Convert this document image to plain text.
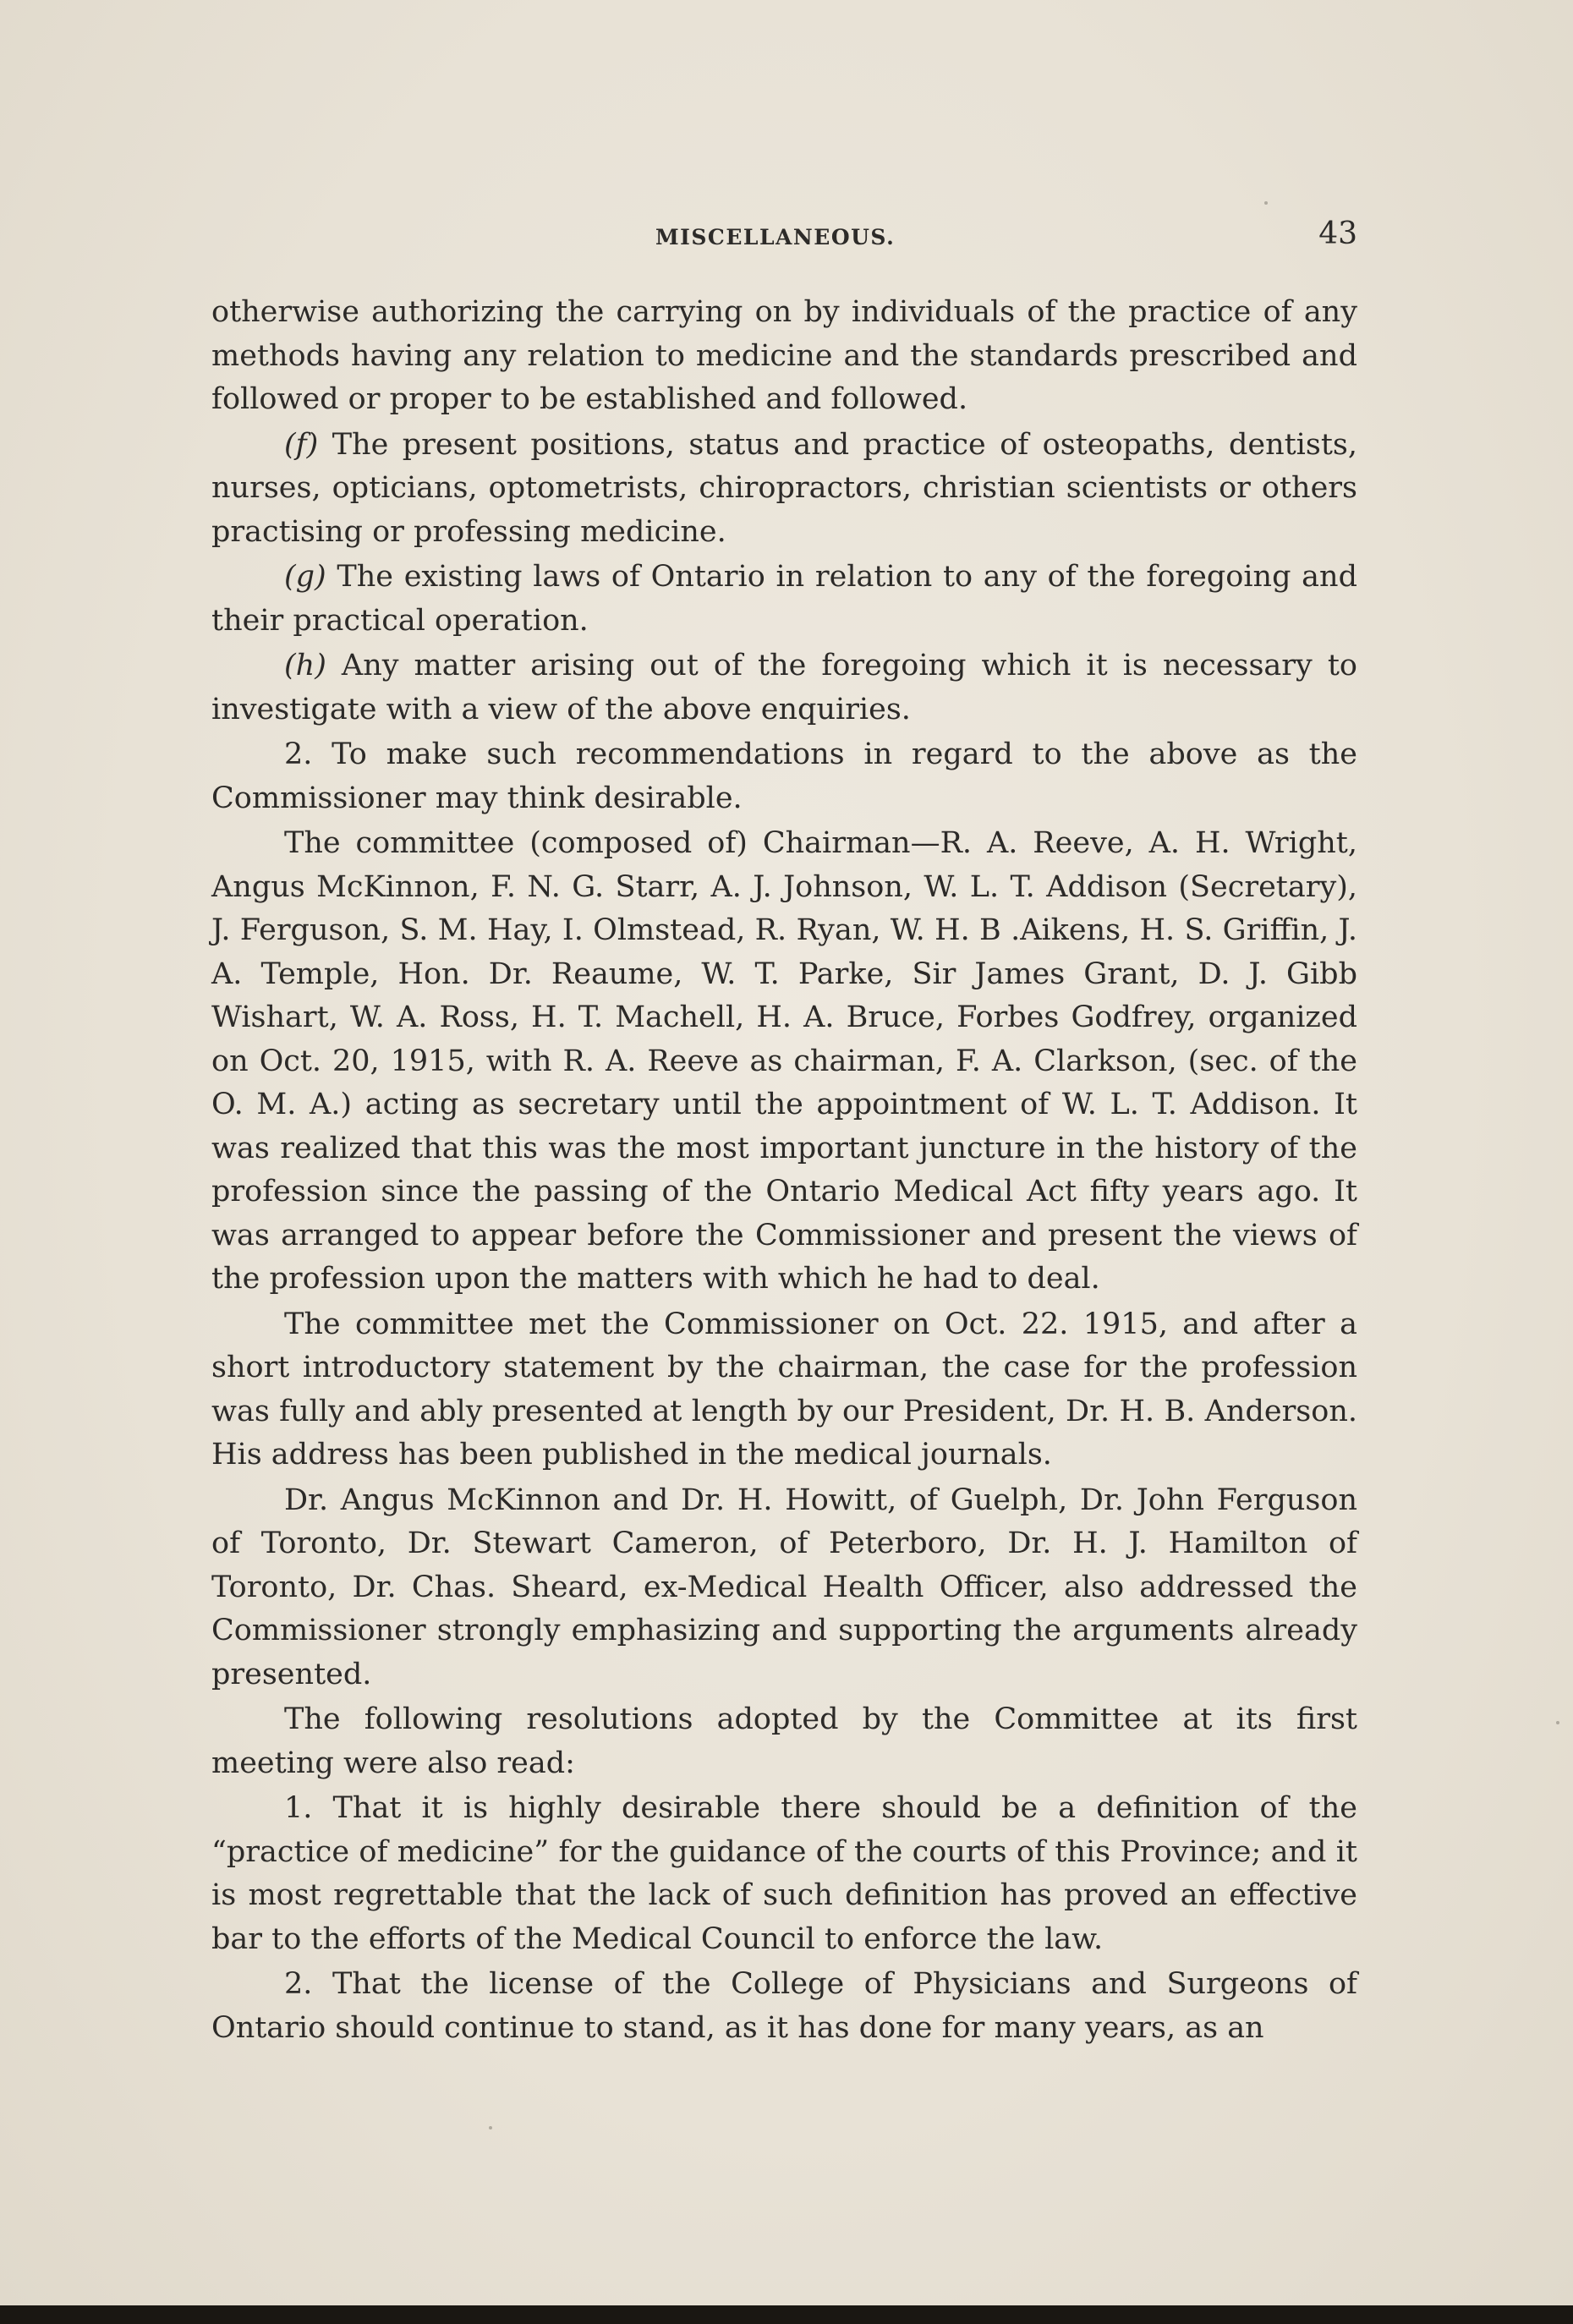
MISCELLANEOUS.	43

otherwise authorizing the carrying on by individuals of the practice of any methods having any relation to medicine and the standards prescribed and followed or proper to be established and followed.

(f) The present positions, status and practice of osteopaths, dentists, nurses, opticians, optometrists, chiropractors, christian scientists or others practising or professing medicine.

(g) The existing laws of Ontario in relation to any of the foregoing and their practical operation.

(h) Any matter arising out of the foregoing which it is necessary to investigate with a view of the above enquiries.

2. To make such recommendations in regard to the above as the Commissioner may think desirable.

The committee (composed of) Chairman—R. A. Reeve, A. H. Wright, Angus McKinnon, F. N. G. Starr, A. J. Johnson, W. L. T. Addison (Secretary), J. Ferguson, S. M. Hay, I. Olmstead, R. Ryan, W. H. B .Aikens, H. S. Griffin, J. A. Temple, Hon. Dr. Reaume, W. T. Parke, Sir James Grant, D. J. Gibb Wishart, W. A. Ross, H. T. Machell, H. A. Bruce, Forbes Godfrey, organized on Oct. 20, 1915, with R. A. Reeve as chairman, F. A. Clarkson, (sec. of the O. M. A.) acting as secretary until the appointment of W. L. T. Addison. It was realized that this was the most important juncture in the history of the profession since the passing of the Ontario Medical Act fifty years ago. It was arranged to appear before the Commissioner and present the views of the profession upon the matters with which he had to deal.

The committee met the Commissioner on Oct. 22. 1915, and after a short introductory statement by the chairman, the case for the profession was fully and ably presented at length by our President, Dr. H. B. Anderson. His address has been published in the medical journals.

Dr. Angus McKinnon and Dr. H. Howitt, of Guelph, Dr. John Ferguson of Toronto, Dr. Stewart Cameron, of Peterboro, Dr. H. J. Hamilton of Toronto, Dr. Chas. Sheard, ex-Medical Health Officer, also addressed the Commissioner strongly emphasizing and supporting the arguments already presented.

The following resolutions adopted by the Committee at its first meeting were also read:

1. That it is highly desirable there should be a definition of the “practice of medicine” for the guidance of the courts of this Province; and it is most regrettable that the lack of such definition has proved an effective bar to the efforts of the Medical Council to enforce the law.

2. That the license of the College of Physicians and Surgeons of Ontario should continue to stand, as it has done for many years, as an
